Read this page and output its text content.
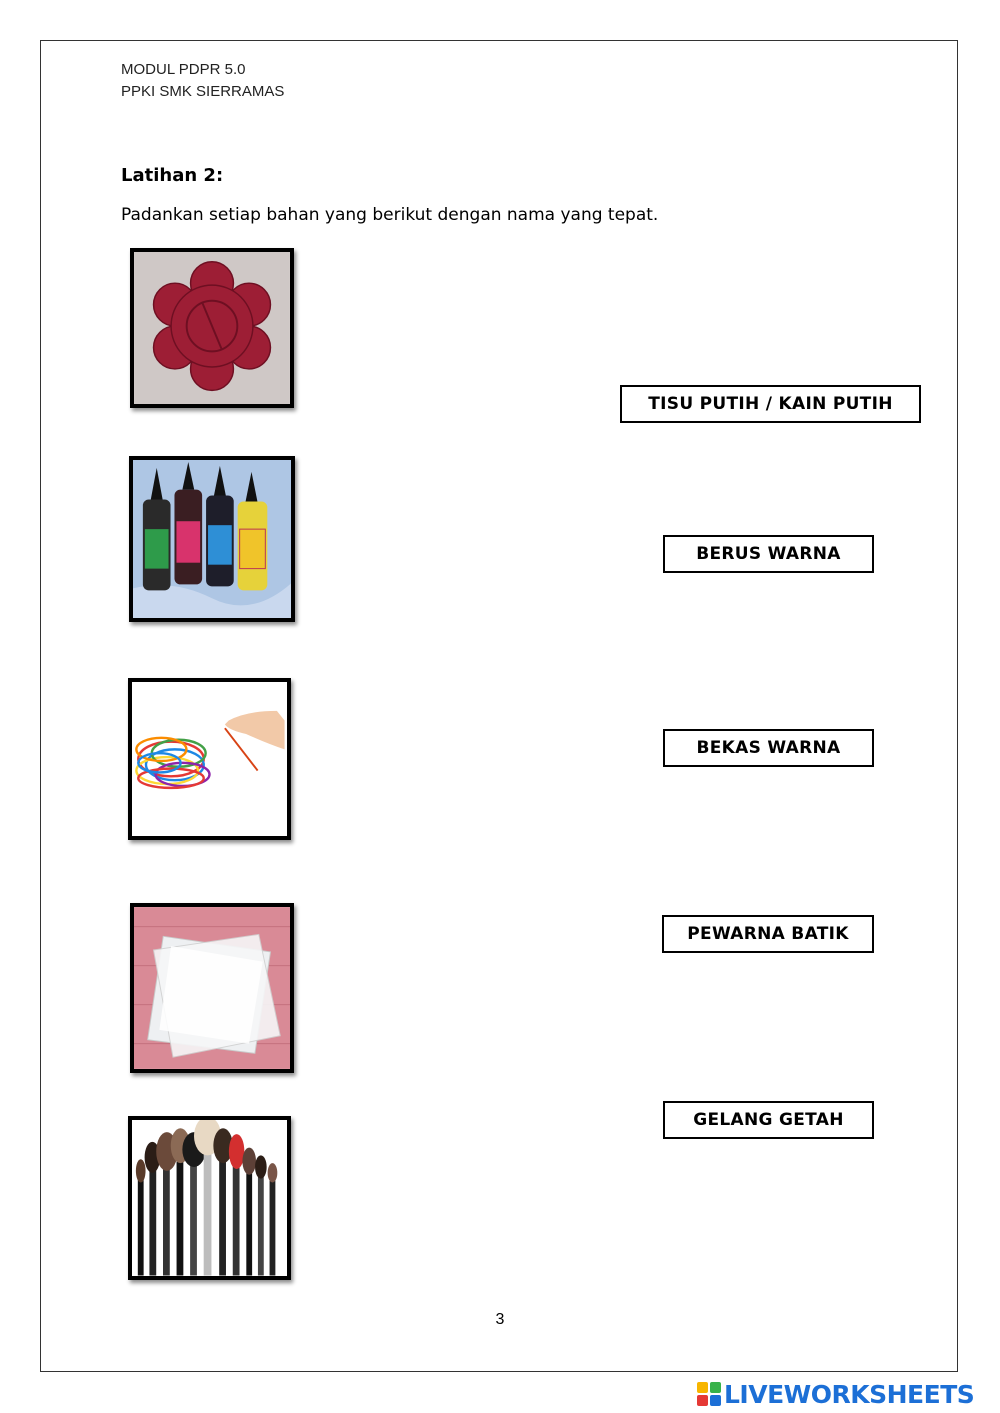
MODUL PDPR 5.0
PPKI SMK SIERRAMAS
Latihan 2:
Padankan setiap bahan yang berikut dengan nama yang tepat.
TISU PUTIH / KAIN PUTIH
BERUS WARNA
BEKAS WARNA
PEWARNA BATIK
GELANG GETAH
3
LIVEWORKSHEETS
